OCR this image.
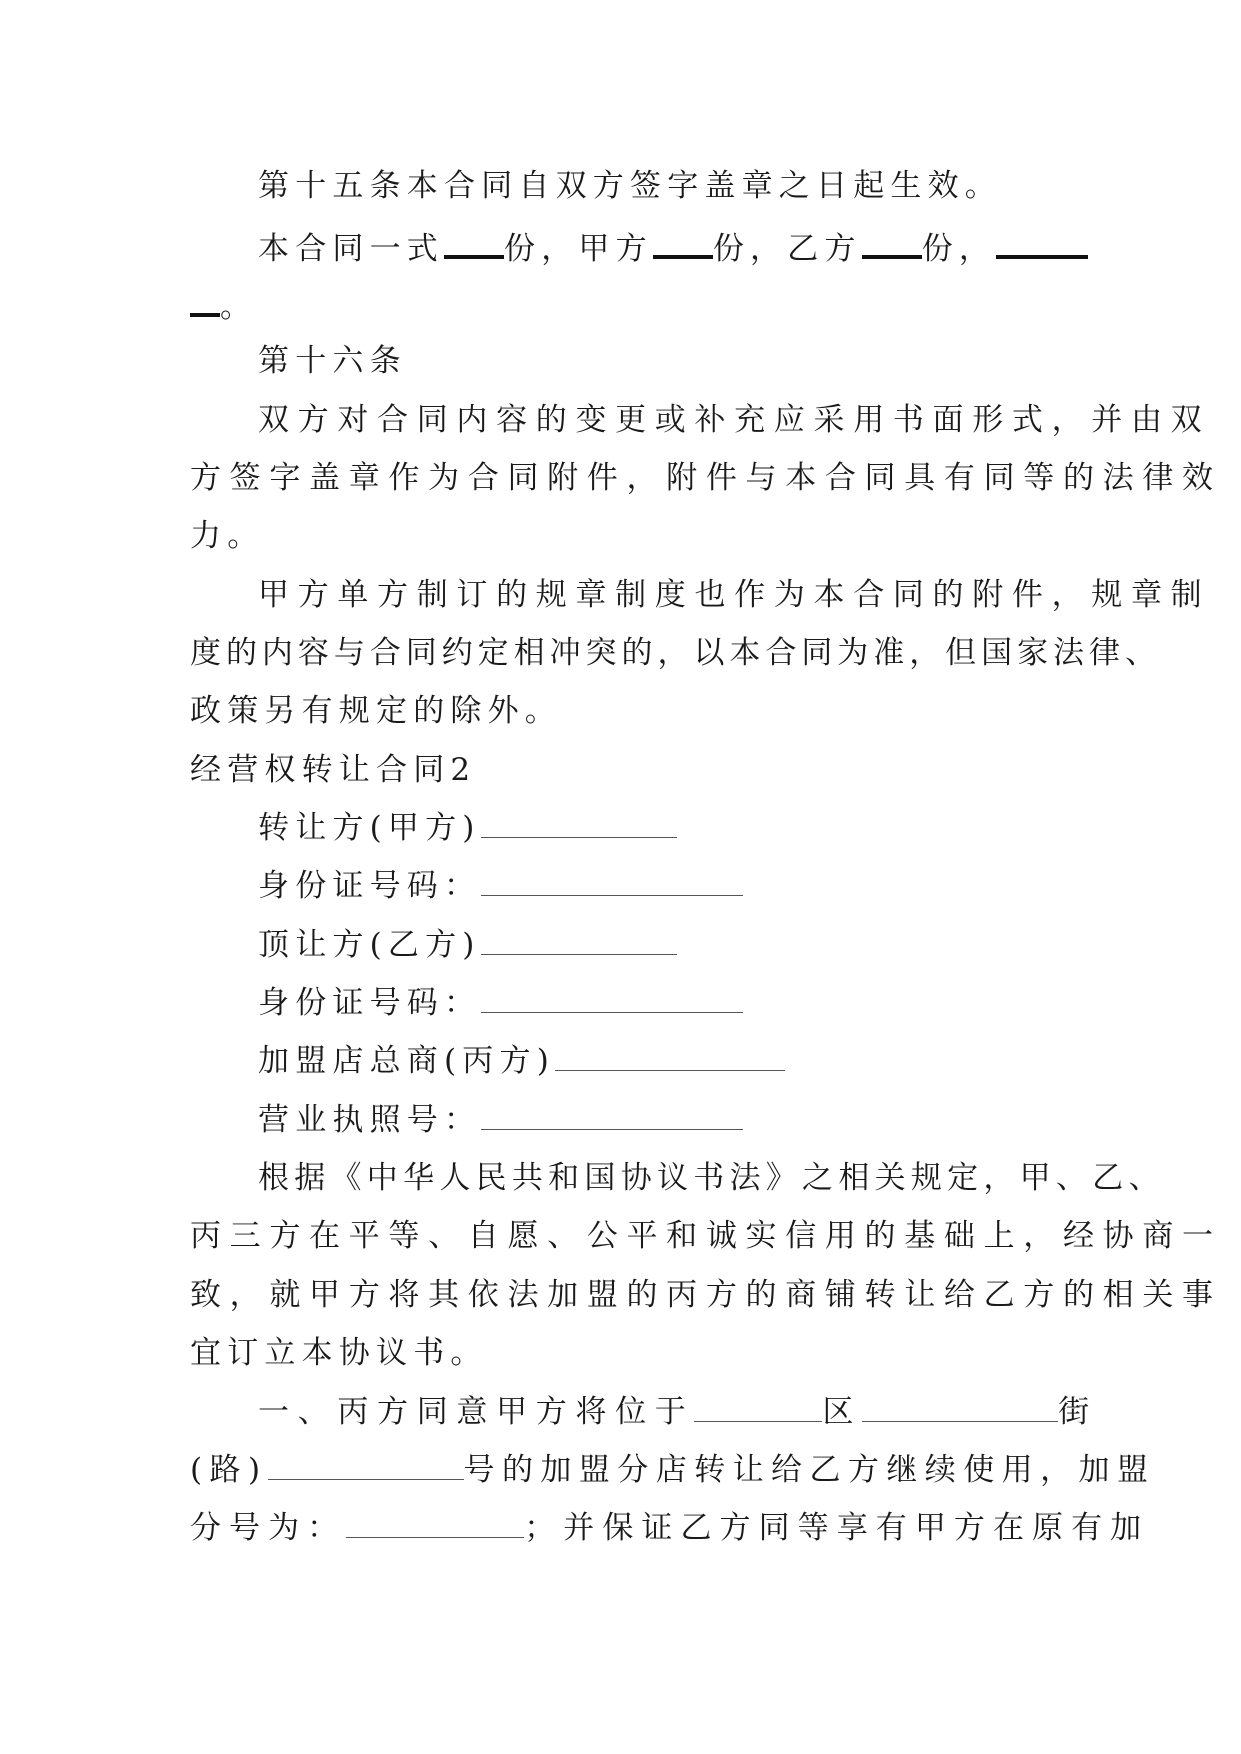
第十五条本合同自双方签字盖章之日起生效。
本合同一式 份，甲方 份，乙方 份，
。
第十六条
双方对合同内容的变更或补充应采用书面形式，并由双
方签字盖章作为合同附件，附件与本合同具有同等的法律效
力。
甲方单方制订的规章制度也作为本合同的附件，规章制
度的内容与合同约定相冲突的，以本合同为准，但国家法律、
政策另有规定的除外。
经营权转让合同2
转让方(甲方)
身份证号码：
顶让方(乙方)
身份证号码：
加盟店总商(丙方)
营业执照号：
根据《中华人民共和国协议书法》之相关规定，甲、乙、
丙三方在平等、自愿、公平和诚实信用的基础上，经协商一
致，就甲方将其依法加盟的丙方的商铺转让给乙方的相关事
宜订立本协议书。
一、丙方同意甲方将位于	区	街
(路)	号的加盟分店转让给乙方继续使用，加盟
分号为：	；并保证乙方同等享有甲方在原有加
